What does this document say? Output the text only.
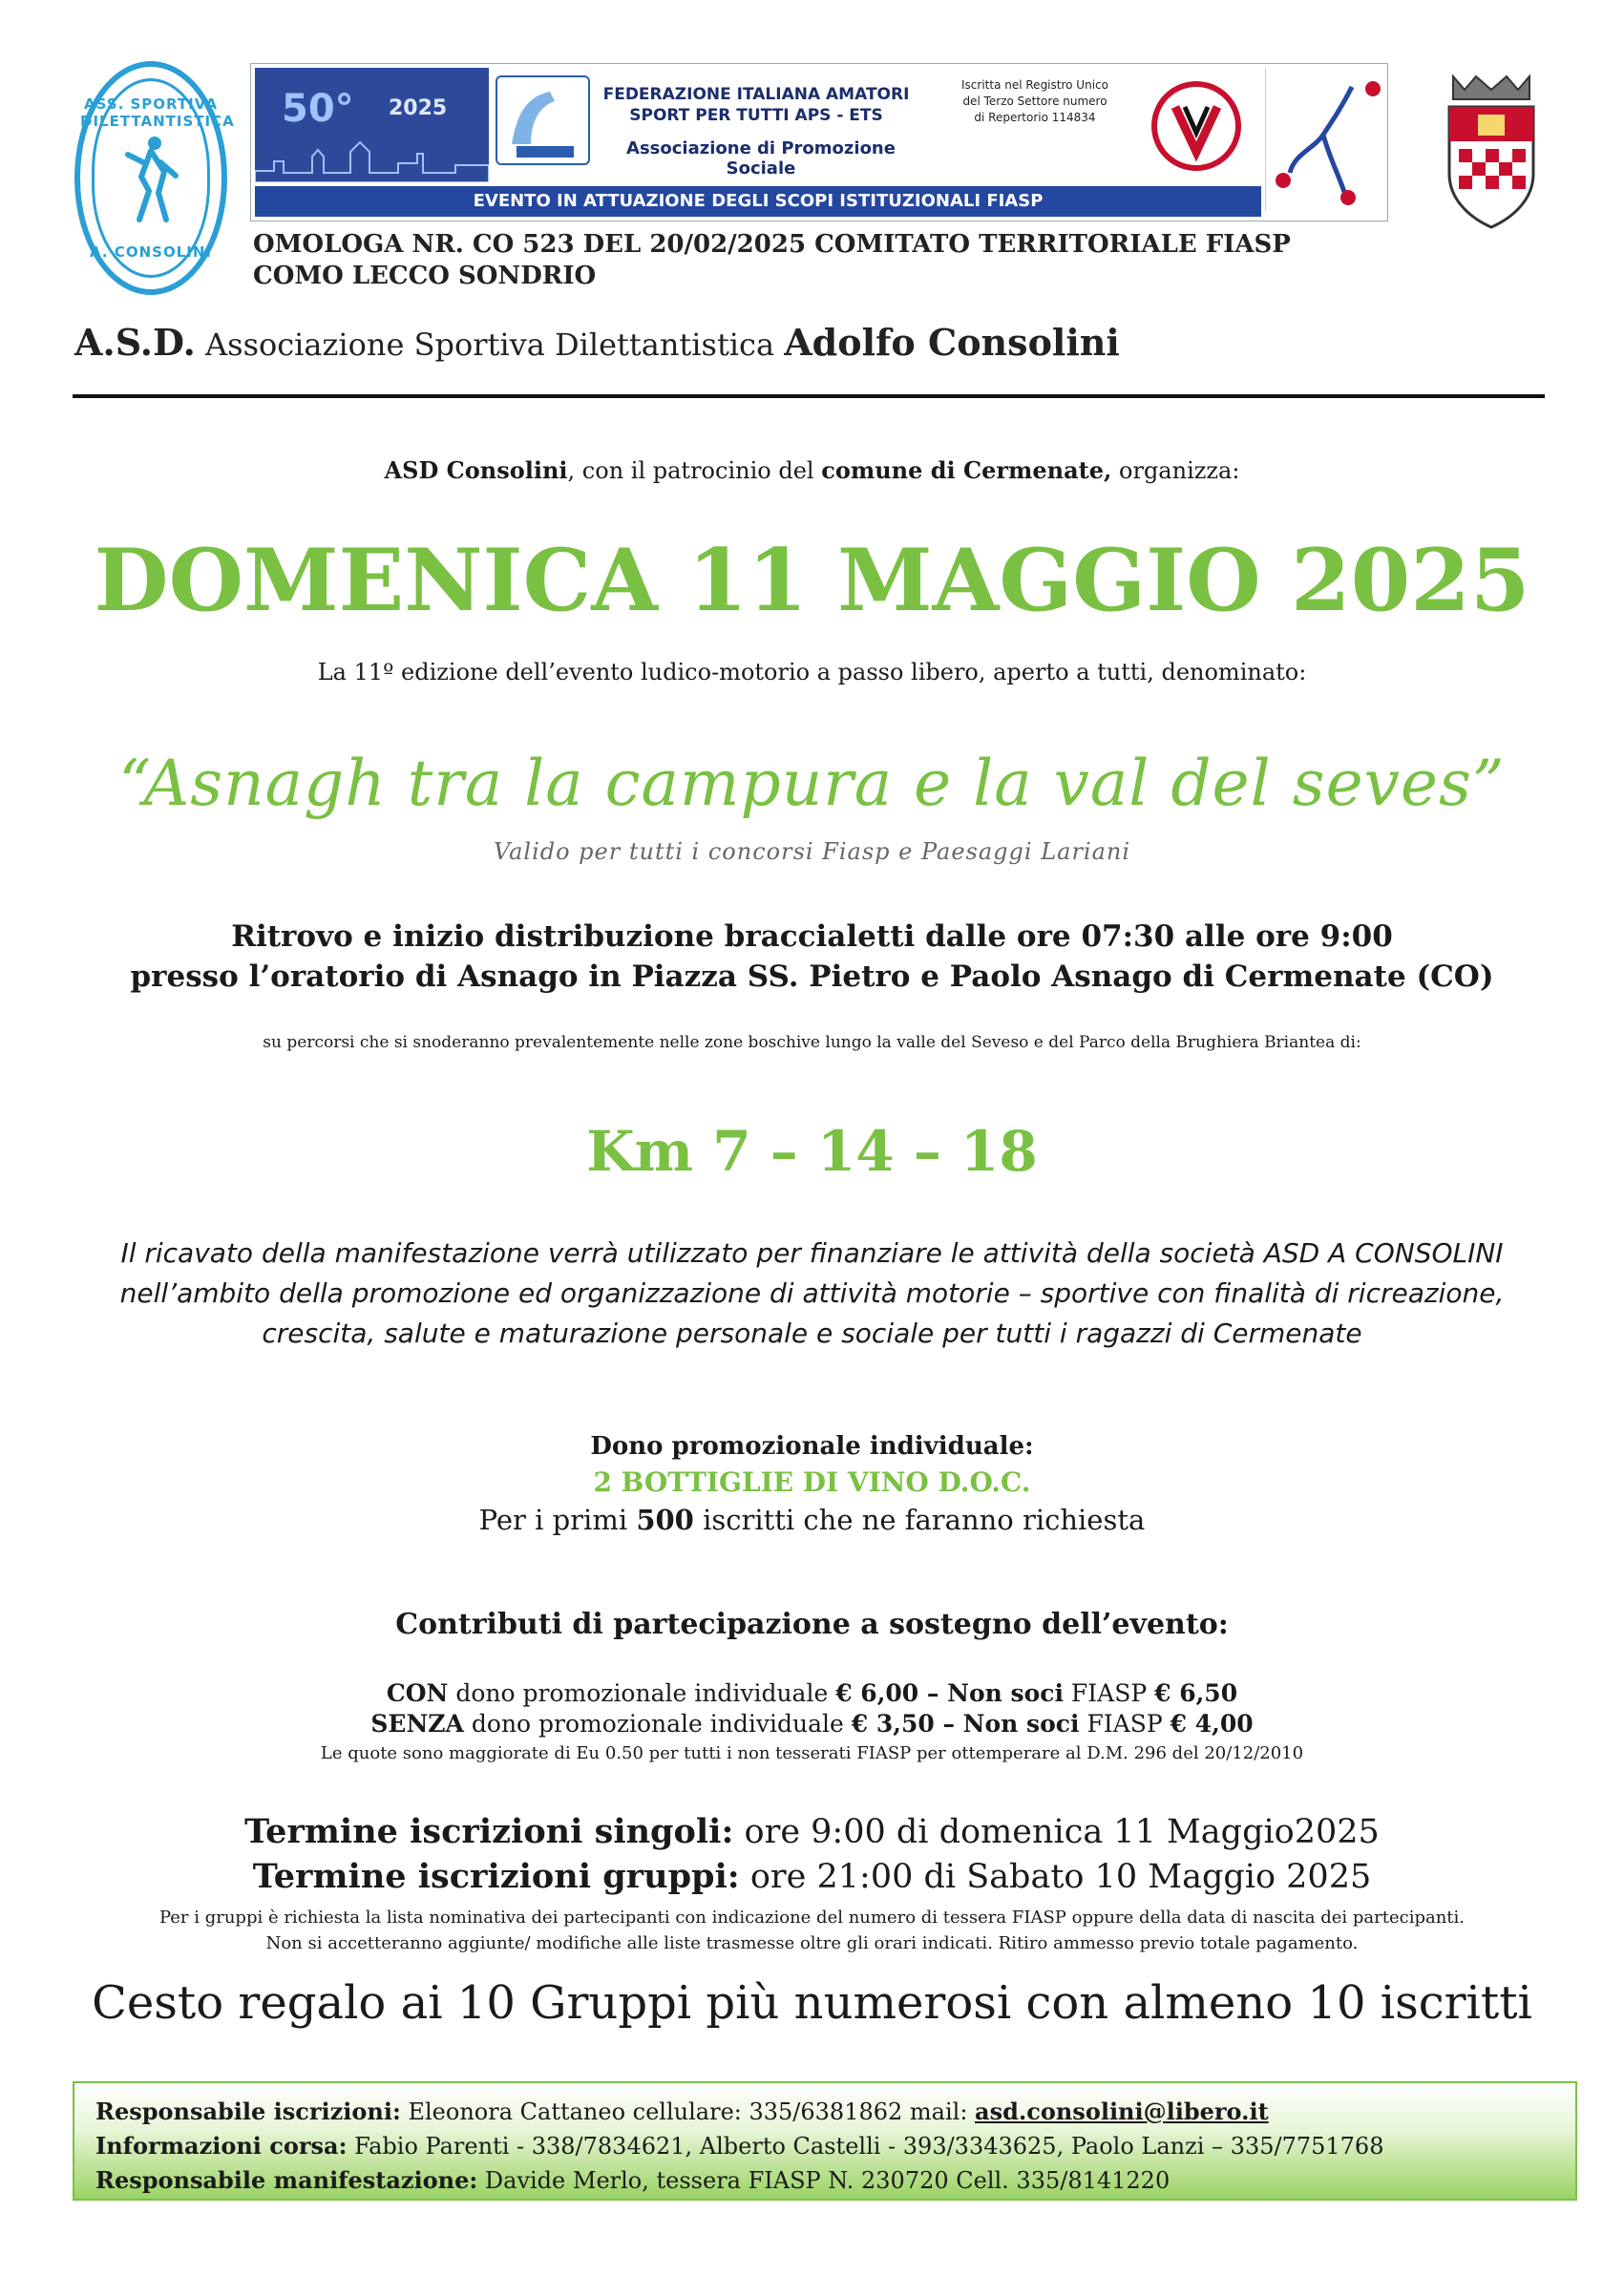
ASS. SPORTIVA DILETTANTISTICA
A. CONSOLINI
50° 2025
FEDERAZIONE ITALIANA AMATORI
SPORT PER TUTTI APS - ETS
Associazione di Promozione Sociale
Iscritta nel Registro Unico
del Terzo Settore numero
di Repertorio 114834
EVENTO IN ATTUAZIONE DEGLI SCOPI ISTITUZIONALI FIASP
OMOLOGA NR. CO 523 DEL 20/02/2025 COMITATO TERRITORIALE FIASP COMO LECCO SONDRIO
A.S.D. Associazione Sportiva Dilettantistica Adolfo Consolini
ASD Consolini, con il patrocinio del comune di Cermenate, organizza:
DOMENICA 11 MAGGIO 2025
La 11º edizione dell’evento ludico-motorio a passo libero, aperto a tutti, denominato:
“Asnagh tra la campura e la val del seves”
Valido per tutti i concorsi Fiasp e Paesaggi Lariani
Ritrovo e inizio distribuzione braccialetti dalle ore 07:30 alle ore 9:00
presso l’oratorio di Asnago in Piazza SS. Pietro e Paolo Asnago di Cermenate (CO)
su percorsi che si snoderanno prevalentemente nelle zone boschive lungo la valle del Seveso e del Parco della Brughiera Briantea di:
Km 7 – 14 – 18
Il ricavato della manifestazione verrà utilizzato per finanziare le attività della società ASD A CONSOLINI
nell’ambito della promozione ed organizzazione di attività motorie – sportive con finalità di ricreazione,
crescita, salute e maturazione personale e sociale per tutti i ragazzi di Cermenate
Dono promozionale individuale:
2 BOTTIGLIE DI VINO D.O.C.
Per i primi 500 iscritti che ne faranno richiesta
Contributi di partecipazione a sostegno dell’evento:
CON dono promozionale individuale € 6,00 – Non soci FIASP € 6,50
SENZA dono promozionale individuale € 3,50 – Non soci FIASP € 4,00
Le quote sono maggiorate di Eu 0.50 per tutti i non tesserati FIASP per ottemperare al D.M. 296 del 20/12/2010
Termine iscrizioni singoli: ore 9:00 di domenica 11 Maggio2025
Termine iscrizioni gruppi: ore 21:00 di Sabato 10 Maggio 2025
Per i gruppi è richiesta la lista nominativa dei partecipanti con indicazione del numero di tessera FIASP oppure della data di nascita dei partecipanti.
Non si accetteranno aggiunte/ modifiche alle liste trasmesse oltre gli orari indicati. Ritiro ammesso previo totale pagamento.
Cesto regalo ai 10 Gruppi più numerosi con almeno 10 iscritti
Responsabile iscrizioni: Eleonora Cattaneo cellulare: 335/6381862 mail: asd.consolini@libero.it
Informazioni corsa: Fabio Parenti - 338/7834621, Alberto Castelli - 393/3343625, Paolo Lanzi – 335/7751768
Responsabile manifestazione: Davide Merlo, tessera FIASP N. 230720 Cell. 335/8141220
